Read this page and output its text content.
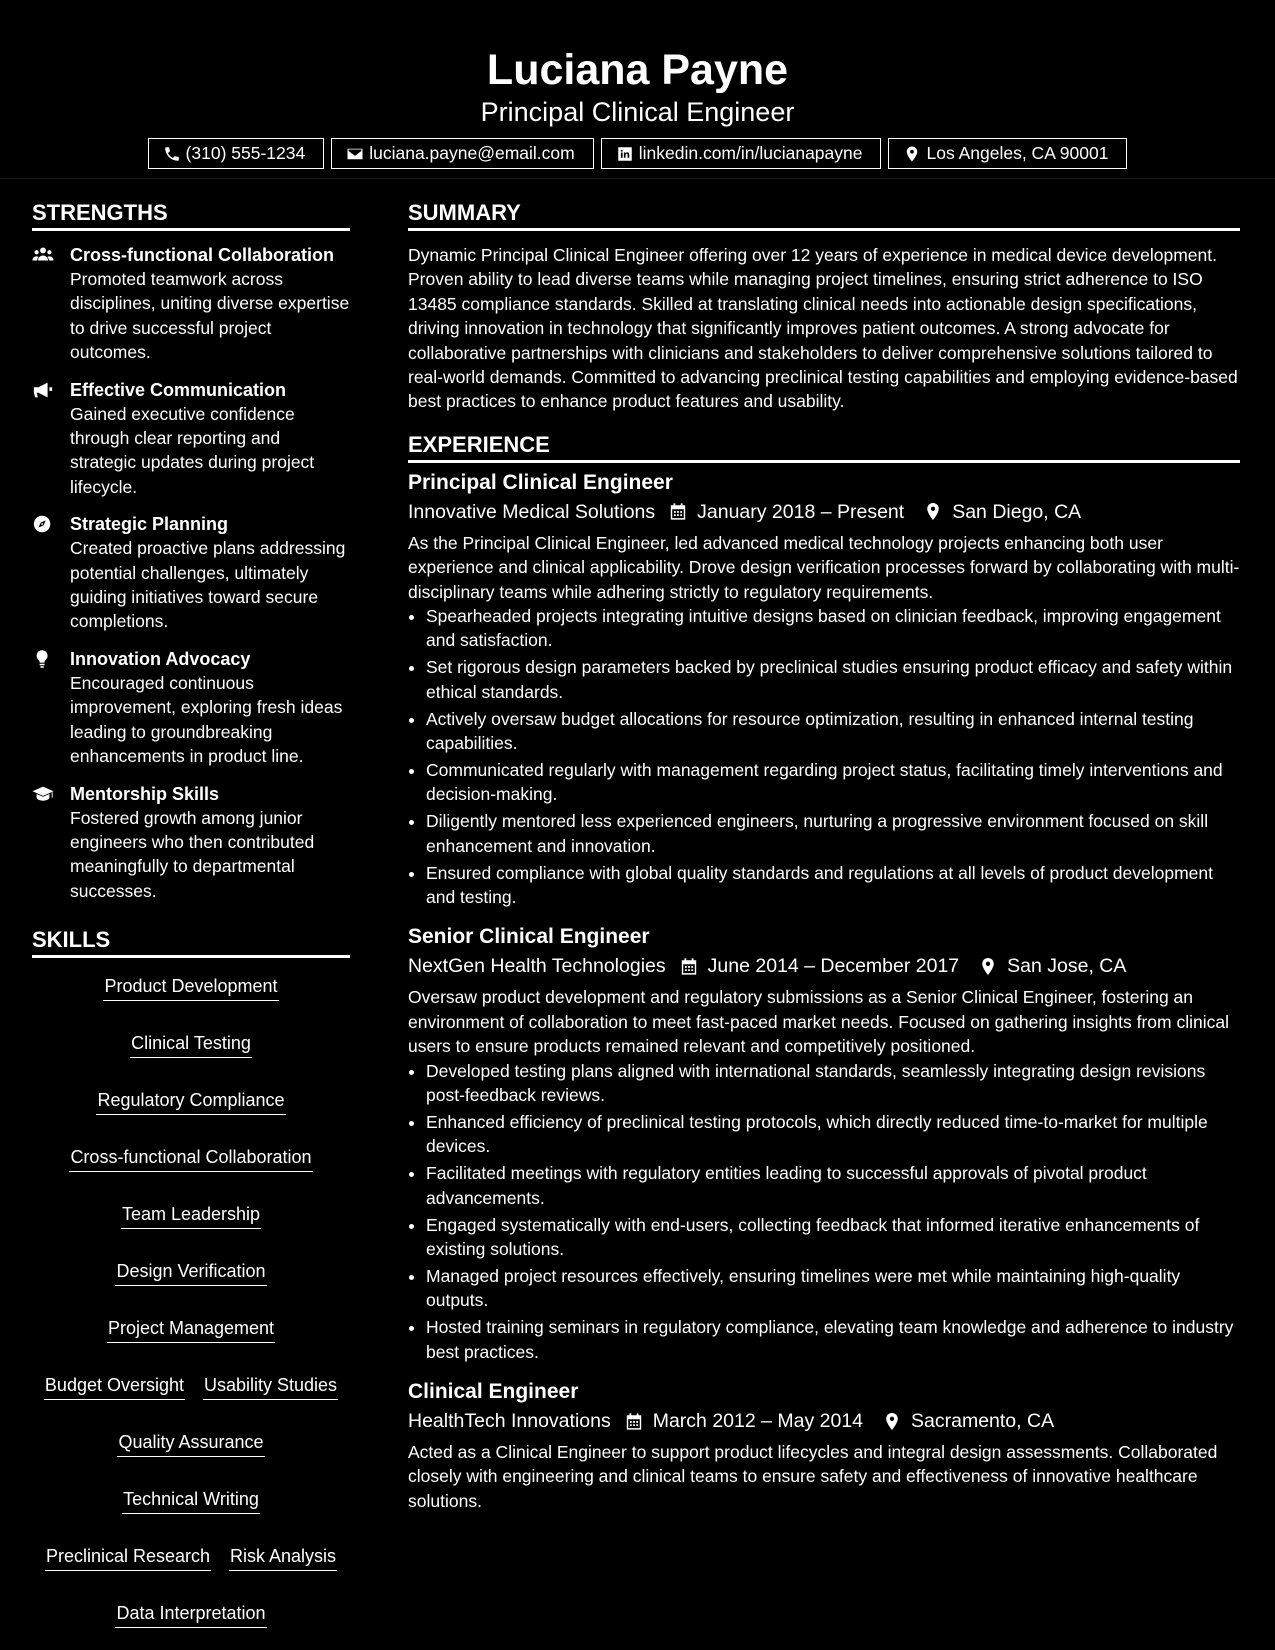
Luciana Payne
Principal Clinical Engineer
(310) 555-1234	luciana.payne@email.com	linkedin.com/in/lucianapayne	Los Angeles, CA 90001
STRENGTHS
Cross-functional Collaboration
Promoted teamwork across disciplines, uniting diverse expertise to drive successful project outcomes.
Effective Communication
Gained executive confidence through clear reporting and strategic updates during project lifecycle.
Strategic Planning
Created proactive plans addressing potential challenges, ultimately guiding initiatives toward secure completions.
Innovation Advocacy
Encouraged continuous improvement, exploring fresh ideas leading to groundbreaking enhancements in product line.
Mentorship Skills
Fostered growth among junior engineers who then contributed meaningfully to departmental successes.
SKILLS
Product Development
Clinical Testing
Regulatory Compliance
Cross-functional Collaboration
Team Leadership
Design Verification
Project Management
Budget Oversight Usability Studies
Quality Assurance
Technical Writing
Preclinical Research Risk Analysis
Data Interpretation
SUMMARY
Dynamic Principal Clinical Engineer offering over 12 years of experience in medical device development. Proven ability to lead diverse teams while managing project timelines, ensuring strict adherence to ISO 13485 compliance standards. Skilled at translating clinical needs into actionable design specifications, driving innovation in technology that significantly improves patient outcomes. A strong advocate for collaborative partnerships with clinicians and stakeholders to deliver comprehensive solutions tailored to real-world demands. Committed to advancing preclinical testing capabilities and employing evidence-based best practices to enhance product features and usability.
EXPERIENCE
Principal Clinical Engineer
Innovative Medical Solutions January 2018 – Present San Diego, CA
As the Principal Clinical Engineer, led advanced medical technology projects enhancing both user experience and clinical applicability. Drove design verification processes forward by collaborating with multi-disciplinary teams while adhering strictly to regulatory requirements.
• Spearheaded projects integrating intuitive designs based on clinician feedback, improving engagement and satisfaction.
• Set rigorous design parameters backed by preclinical studies ensuring product efficacy and safety within ethical standards.
• Actively oversaw budget allocations for resource optimization, resulting in enhanced internal testing capabilities.
• Communicated regularly with management regarding project status, facilitating timely interventions and decision-making.
• Diligently mentored less experienced engineers, nurturing a progressive environment focused on skill enhancement and innovation.
• Ensured compliance with global quality standards and regulations at all levels of product development and testing.
Senior Clinical Engineer
NextGen Health Technologies June 2014 – December 2017 San Jose, CA
Oversaw product development and regulatory submissions as a Senior Clinical Engineer, fostering an environment of collaboration to meet fast-paced market needs. Focused on gathering insights from clinical users to ensure products remained relevant and competitively positioned.
• Developed testing plans aligned with international standards, seamlessly integrating design revisions post-feedback reviews.
• Enhanced efficiency of preclinical testing protocols, which directly reduced time-to-market for multiple devices.
• Facilitated meetings with regulatory entities leading to successful approvals of pivotal product advancements.
• Engaged systematically with end-users, collecting feedback that informed iterative enhancements of existing solutions.
• Managed project resources effectively, ensuring timelines were met while maintaining high-quality outputs.
• Hosted training seminars in regulatory compliance, elevating team knowledge and adherence to industry best practices.
Clinical Engineer
HealthTech Innovations March 2012 – May 2014 Sacramento, CA
Acted as a Clinical Engineer to support product lifecycles and integral design assessments. Collaborated closely with engineering and clinical teams to ensure safety and effectiveness of innovative healthcare solutions.
